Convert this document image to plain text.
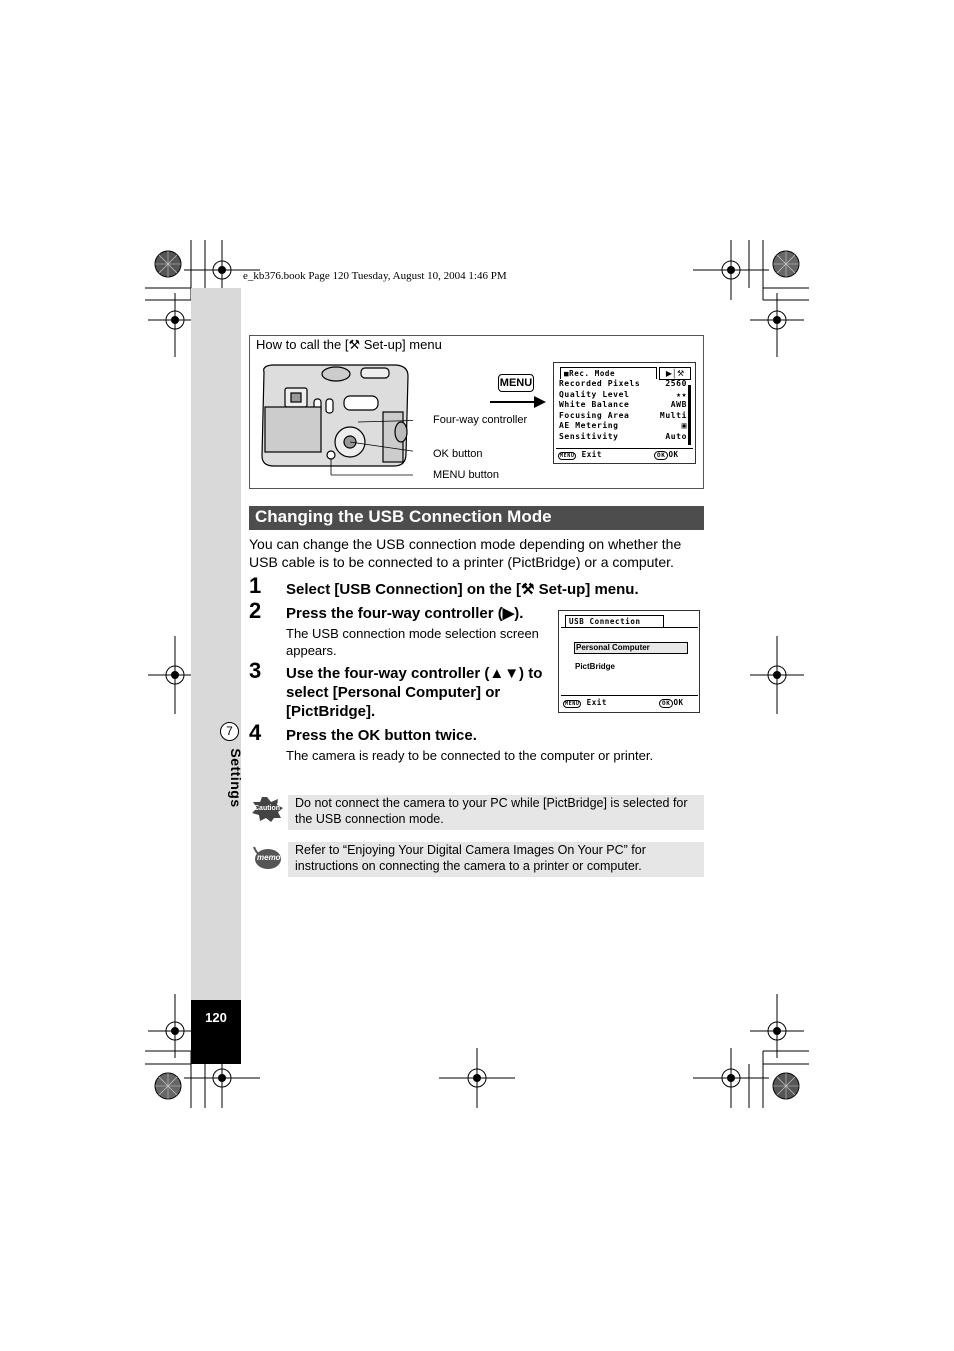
e_kb376.book Page 120 Tuesday, August 10, 2004 1:46 PM
120
7
Settings
How to call the [⚒ Set-up] menu
Four-way controller
OK button
MENU button
MENU
■Rec. Mode	▶│⚒
Recorded Pixels	2560
Quality Level	★★
White Balance	AWB
Focusing Area	Multi
AE Metering	▣
Sensitivity	Auto
MENU Exit	OK OK
Changing the USB Connection Mode
You can change the USB connection mode depending on whether the USB cable is to be connected to a printer (PictBridge) or a computer.
1 Select [USB Connection] on the [⚒ Set-up] menu.
2 Press the four-way controller (▶).
The USB connection mode selection screen appears.
3 Use the four-way controller (▲▼) to select [Personal Computer] or [PictBridge].
4 Press the OK button twice.
The camera is ready to be connected to the computer or printer.
USB Connection
Personal Computer
PictBridge
MENU Exit	OK OK
Caution Do not connect the camera to your PC while [PictBridge] is selected for the USB connection mode.
memo
Refer to “Enjoying Your Digital Camera Images On Your PC” for instructions on connecting the camera to a printer or computer.
